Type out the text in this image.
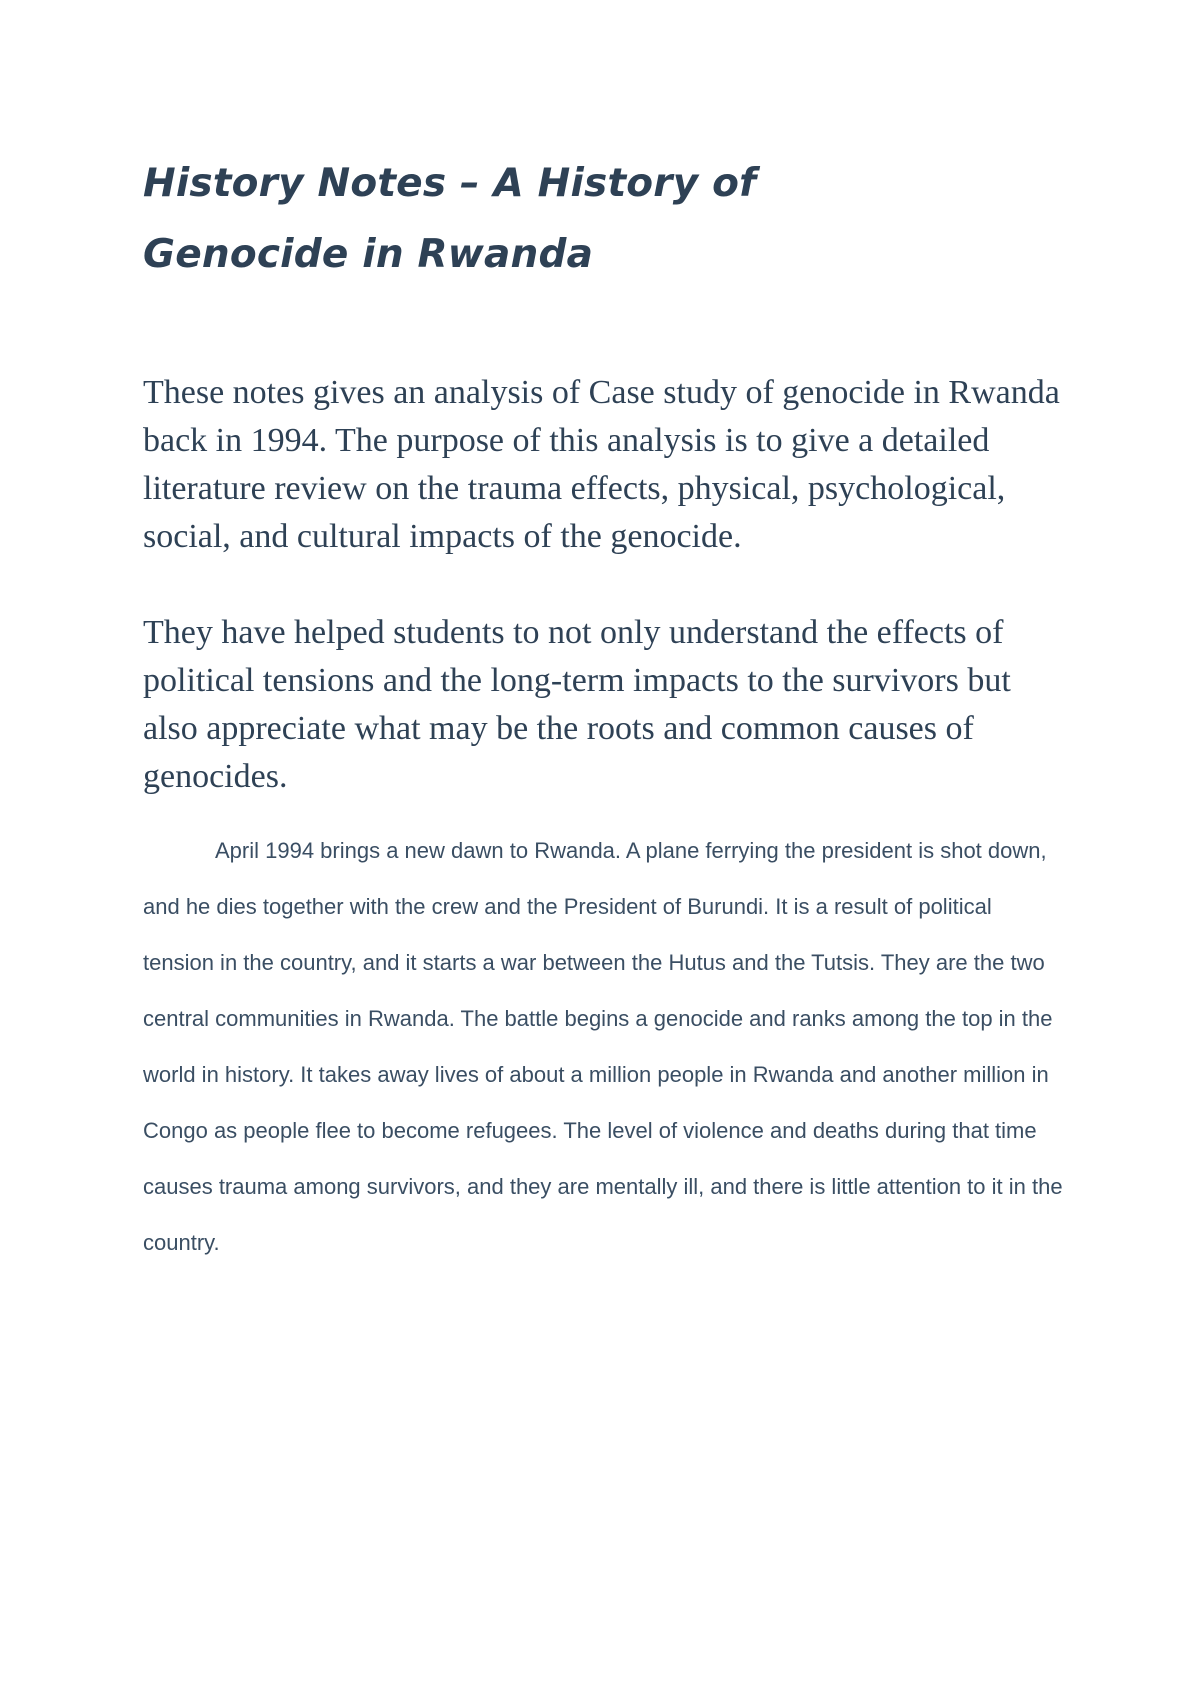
History Notes – A History of
Genocide in Rwanda

These notes gives an analysis of Case study of genocide in Rwanda back in 1994. The purpose of this analysis is to give a detailed literature review on the trauma effects, physical, psychological, social, and cultural impacts of the genocide.

They have helped students to not only understand the effects of political tensions and the long-term impacts to the survivors but also appreciate what may be the roots and common causes of genocides.

April 1994 brings a new dawn to Rwanda. A plane ferrying the president is shot down, and he dies together with the crew and the President of Burundi. It is a result of political tension in the country, and it starts a war between the Hutus and the Tutsis. They are the two central communities in Rwanda. The battle begins a genocide and ranks among the top in the world in history. It takes away lives of about a million people in Rwanda and another million in Congo as people flee to become refugees. The level of violence and deaths during that time causes trauma among survivors, and they are mentally ill, and there is little attention to it in the country.
